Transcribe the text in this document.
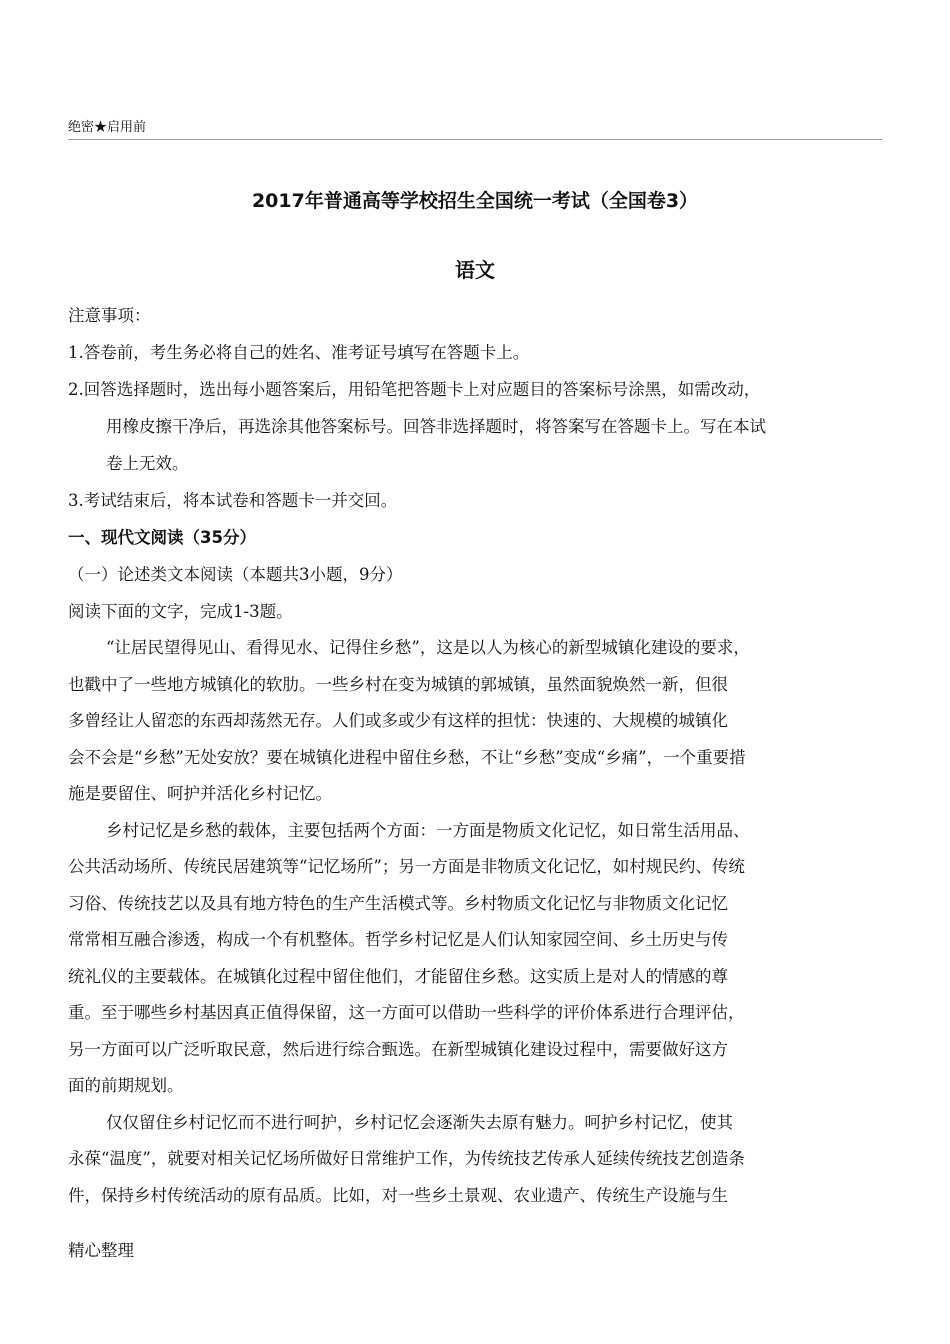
绝密★启用前
2017年普通高等学校招生全国统一考试（全国卷3）
语文
注意事项：
1.答卷前，考生务必将自己的姓名、准考证号填写在答题卡上。
2.回答选择题时，选出每小题答案后，用铅笔把答题卡上对应题目的答案标号涂黑，如需改动，
用橡皮擦干净后，再选涂其他答案标号。回答非选择题时，将答案写在答题卡上。写在本试
卷上无效。
3.考试结束后，将本试卷和答题卡一并交回。
一、现代文阅读（35分）
（一）论述类文本阅读（本题共3小题，9分）
阅读下面的文字，完成1-3题。
“让居民望得见山、看得见水、记得住乡愁”，这是以人为核心的新型城镇化建设的要求，
也戳中了一些地方城镇化的软肋。一些乡村在变为城镇的郭城镇，虽然面貌焕然一新，但很
多曾经让人留恋的东西却荡然无存。人们或多或少有这样的担忧：快速的、大规模的城镇化
会不会是“乡愁”无处安放？要在城镇化进程中留住乡愁，不让“乡愁”变成“乡痛”，一个重要措
施是要留住、呵护并活化乡村记忆。
乡村记忆是乡愁的载体，主要包括两个方面：一方面是物质文化记忆，如日常生活用品、
公共活动场所、传统民居建筑等“记忆场所”；另一方面是非物质文化记忆，如村规民约、传统
习俗、传统技艺以及具有地方特色的生产生活模式等。乡村物质文化记忆与非物质文化记忆
常常相互融合渗透，构成一个有机整体。哲学乡村记忆是人们认知家园空间、乡土历史与传
统礼仪的主要载体。在城镇化过程中留住他们，才能留住乡愁。这实质上是对人的情感的尊
重。至于哪些乡村基因真正值得保留，这一方面可以借助一些科学的评价体系进行合理评估，
另一方面可以广泛听取民意，然后进行综合甄选。在新型城镇化建设过程中，需要做好这方
面的前期规划。
仅仅留住乡村记忆而不进行呵护，乡村记忆会逐渐失去原有魅力。呵护乡村记忆，使其
永葆“温度”，就要对相关记忆场所做好日常维护工作，为传统技艺传承人延续传统技艺创造条
件，保持乡村传统活动的原有品质。比如，对一些乡土景观、农业遗产、传统生产设施与生
精心整理
